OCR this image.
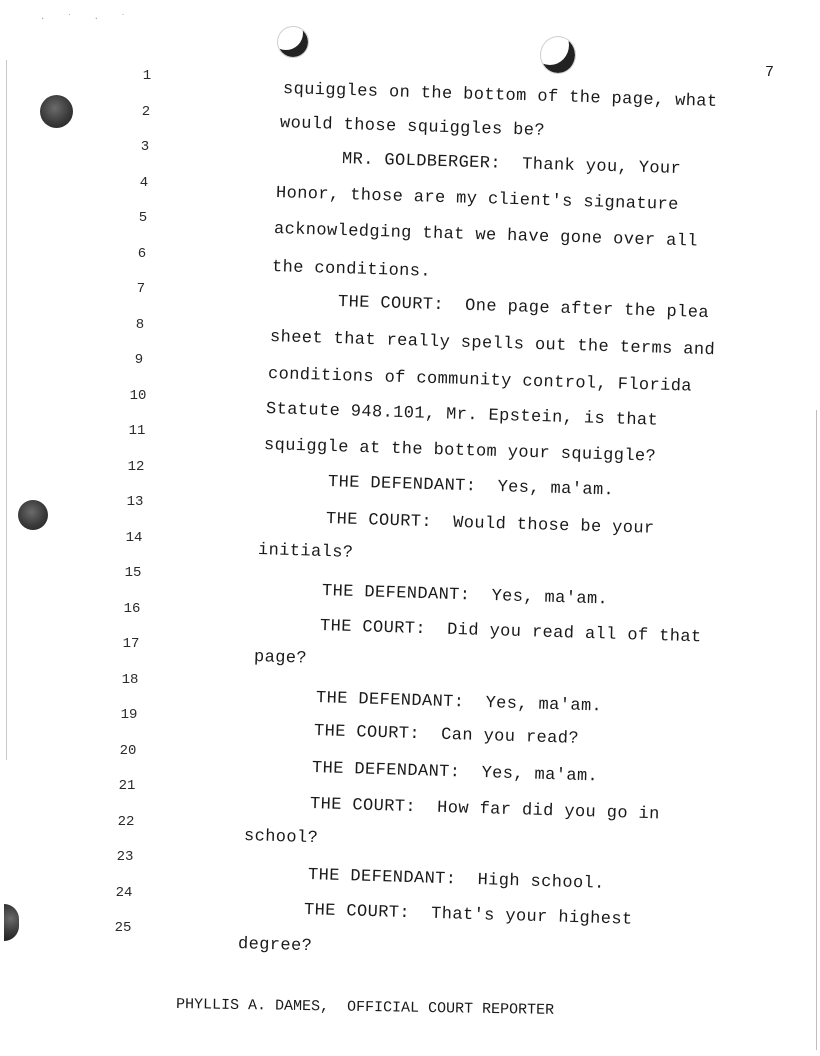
· ˙ · ˙
7
1
2
3
4
5
6
7
8
9
10
11
12
13
14
15
16
17
18
19
20
21
22
23
24
25
squiggles on the bottom of the page, what
would those squiggles be?
MR. GOLDBERGER:  Thank you, Your
Honor, those are my client's signature
acknowledging that we have gone over all
the conditions.
THE COURT:  One page after the plea
sheet that really spells out the terms and
conditions of community control, Florida
Statute 948.101, Mr. Epstein, is that
squiggle at the bottom your squiggle?
THE DEFENDANT:  Yes, ma'am.
THE COURT:  Would those be your
initials?
THE DEFENDANT:  Yes, ma'am.
THE COURT:  Did you read all of that
page?
THE DEFENDANT:  Yes, ma'am.
THE COURT:  Can you read?
THE DEFENDANT:  Yes, ma'am.
THE COURT:  How far did you go in
school?
THE DEFENDANT:  High school.
THE COURT:  That's your highest
degree?
PHYLLIS A. DAMES,  OFFICIAL COURT REPORTER
